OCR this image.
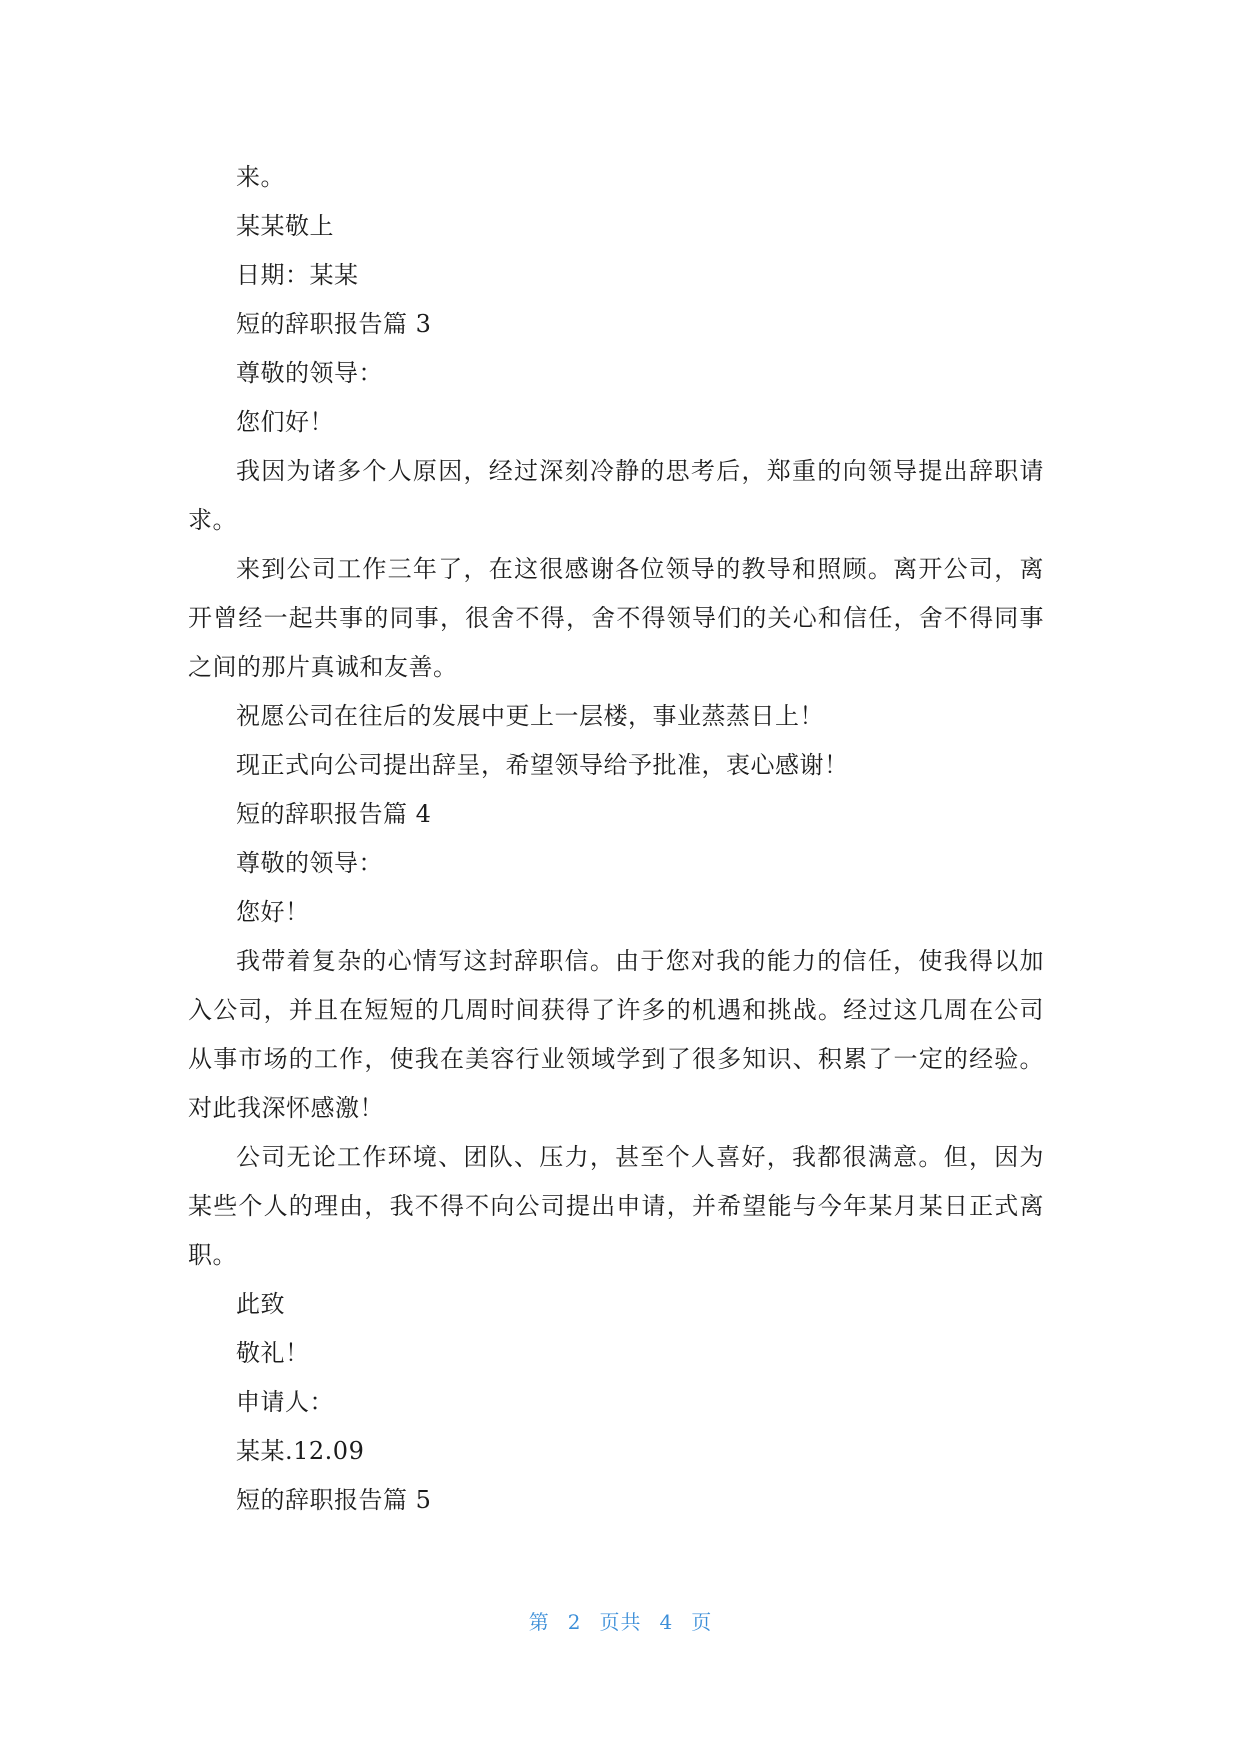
来。

某某敬上

日期：某某

短的辞职报告篇 3

尊敬的领导：

您们好！

我因为诸多个人原因，经过深刻冷静的思考后，郑重的向领导提出辞职请求。

来到公司工作三年了，在这很感谢各位领导的教导和照顾。离开公司，离开曾经一起共事的同事，很舍不得，舍不得领导们的关心和信任，舍不得同事之间的那片真诚和友善。

祝愿公司在往后的发展中更上一层楼，事业蒸蒸日上！

现正式向公司提出辞呈，希望领导给予批准，衷心感谢！

短的辞职报告篇 4

尊敬的领导：

您好！

我带着复杂的心情写这封辞职信。由于您对我的能力的信任，使我得以加入公司，并且在短短的几周时间获得了许多的机遇和挑战。经过这几周在公司从事市场的工作，使我在美容行业领域学到了很多知识、积累了一定的经验。对此我深怀感激！

公司无论工作环境、团队、压力，甚至个人喜好，我都很满意。但，因为某些个人的理由，我不得不向公司提出申请，并希望能与今年某月某日正式离职。

此致

敬礼！

申请人：

某某.12.09

短的辞职报告篇 5

第 2 页共 4 页
